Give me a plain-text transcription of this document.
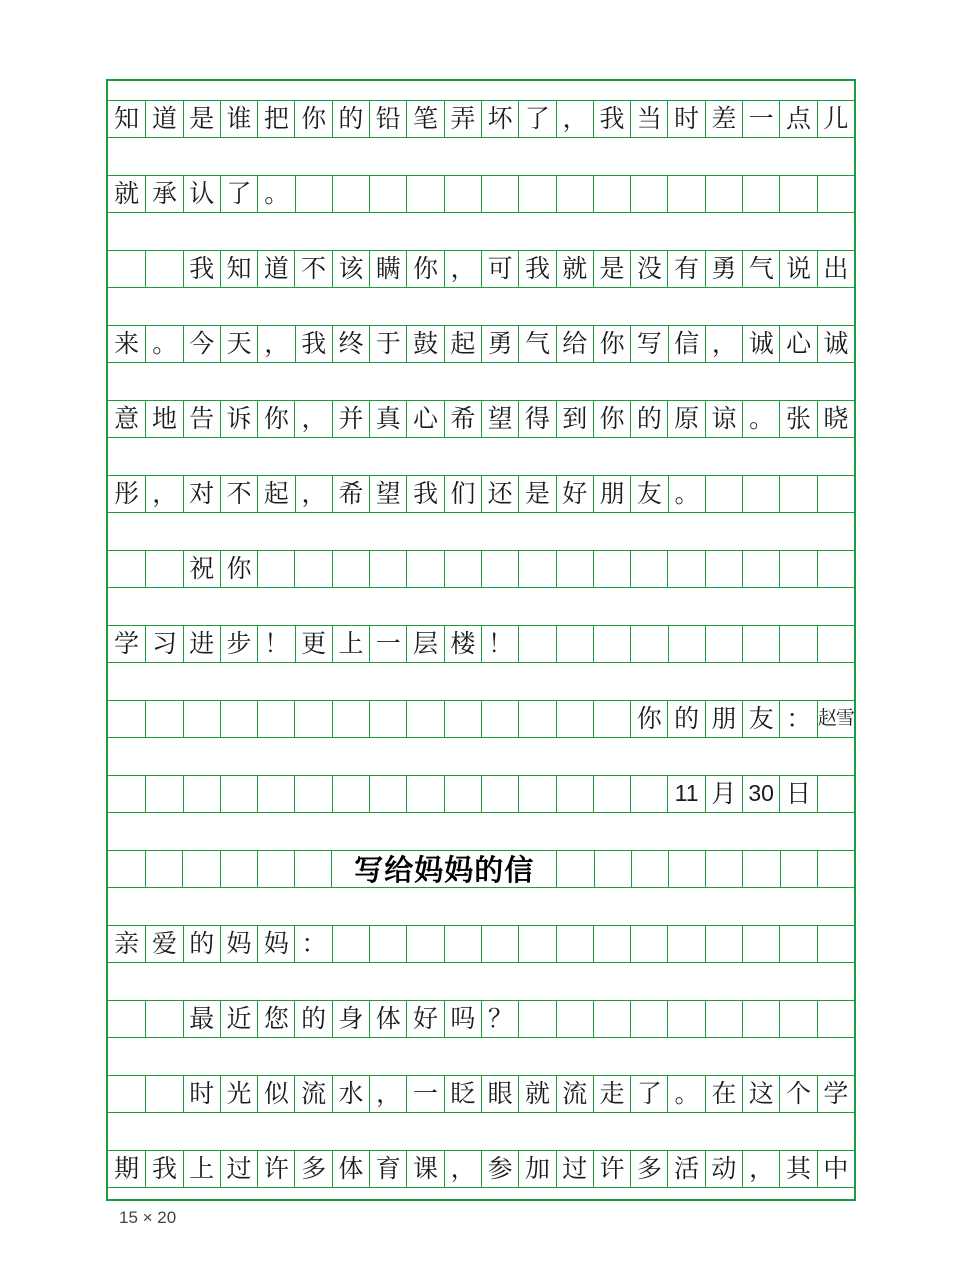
知 道 是 谁 把 你 的 铅 笔 弄 坏 了 ， 我 当 时 差 一 点 儿
就 承 认 了 。
我 知 道 不 该 瞒 你 ， 可 我 就 是 没 有 勇 气 说 出
来 。 今 天 ， 我 终 于 鼓 起 勇 气 给 你 写 信 ， 诚 心 诚
意 地 告 诉 你 ， 并 真 心 希 望 得 到 你 的 原 谅 。 张 晓
彤 ， 对 不 起 ， 希 望 我 们 还 是 好 朋 友 。
祝 你
学 习 进 步 ！ 更 上 一 层 楼 ！
你 的 朋 友 ： 赵雪
11 月 30 日
写给妈妈的信
亲 爱 的 妈 妈 ：
最 近 您 的 身 体 好 吗 ？
时 光 似 流 水 ， 一 眨 眼 就 流 走 了 。 在 这 个 学
期 我 上 过 许 多 体 育 课 ， 参 加 过 许 多 活 动 ， 其 中
15 × 20
